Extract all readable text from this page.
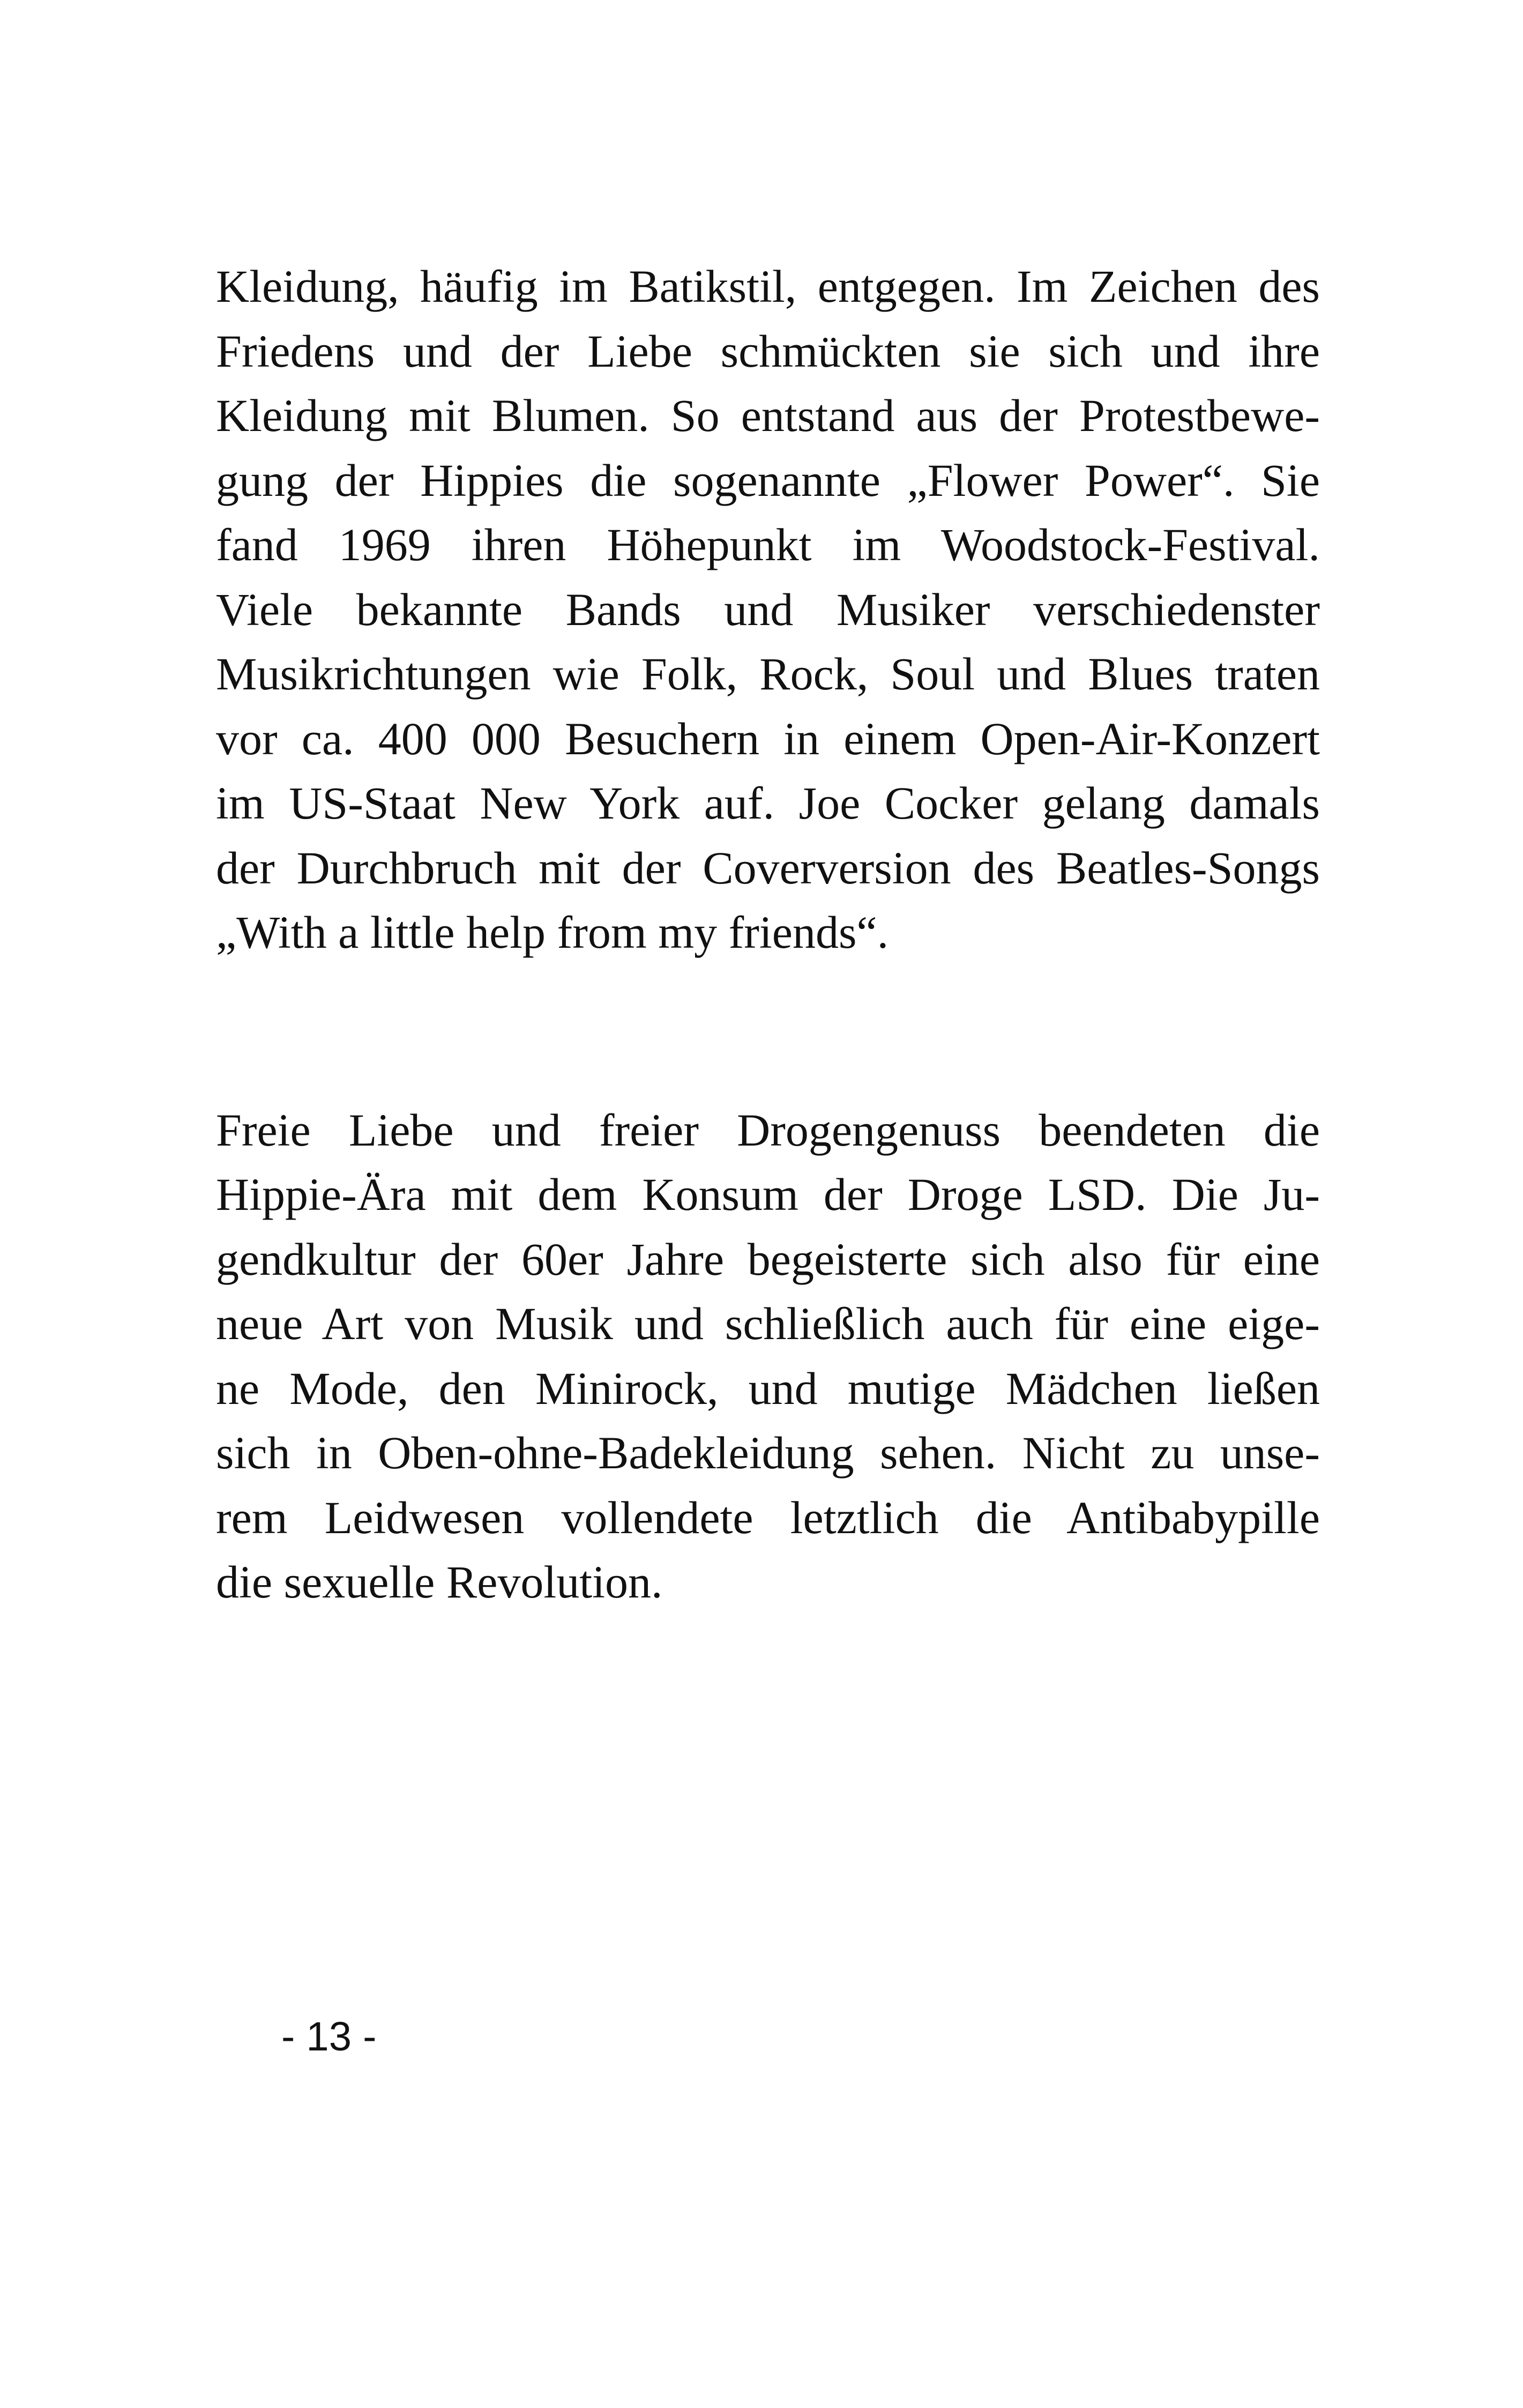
Kleidung, häufig im Batikstil, entgegen. Im Zeichen des
Friedens und der Liebe schmückten sie sich und ihre
Kleidung mit Blumen. So entstand aus der Protestbewe-
gung der Hippies die sogenannte „Flower Power“. Sie
fand 1969 ihren Höhepunkt im Woodstock-Festival.
Viele bekannte Bands und Musiker verschiedenster
Musikrichtungen wie Folk, Rock, Soul und Blues traten
vor ca. 400 000 Besuchern in einem Open-Air-Konzert
im US-Staat New York auf. Joe Cocker gelang damals
der Durchbruch mit der Coverversion des Beatles-Songs
„With a little help from my friends“.
Freie Liebe und freier Drogengenuss beendeten die
Hippie-Ära mit dem Konsum der Droge LSD. Die Ju-
gendkultur der 60er Jahre begeisterte sich also für eine
neue Art von Musik und schließlich auch für eine eige-
ne Mode, den Minirock, und mutige Mädchen ließen
sich in Oben-ohne-Badekleidung sehen. Nicht zu unse-
rem Leidwesen vollendete letztlich die Antibabypille
die sexuelle Revolution.
- 13 -
